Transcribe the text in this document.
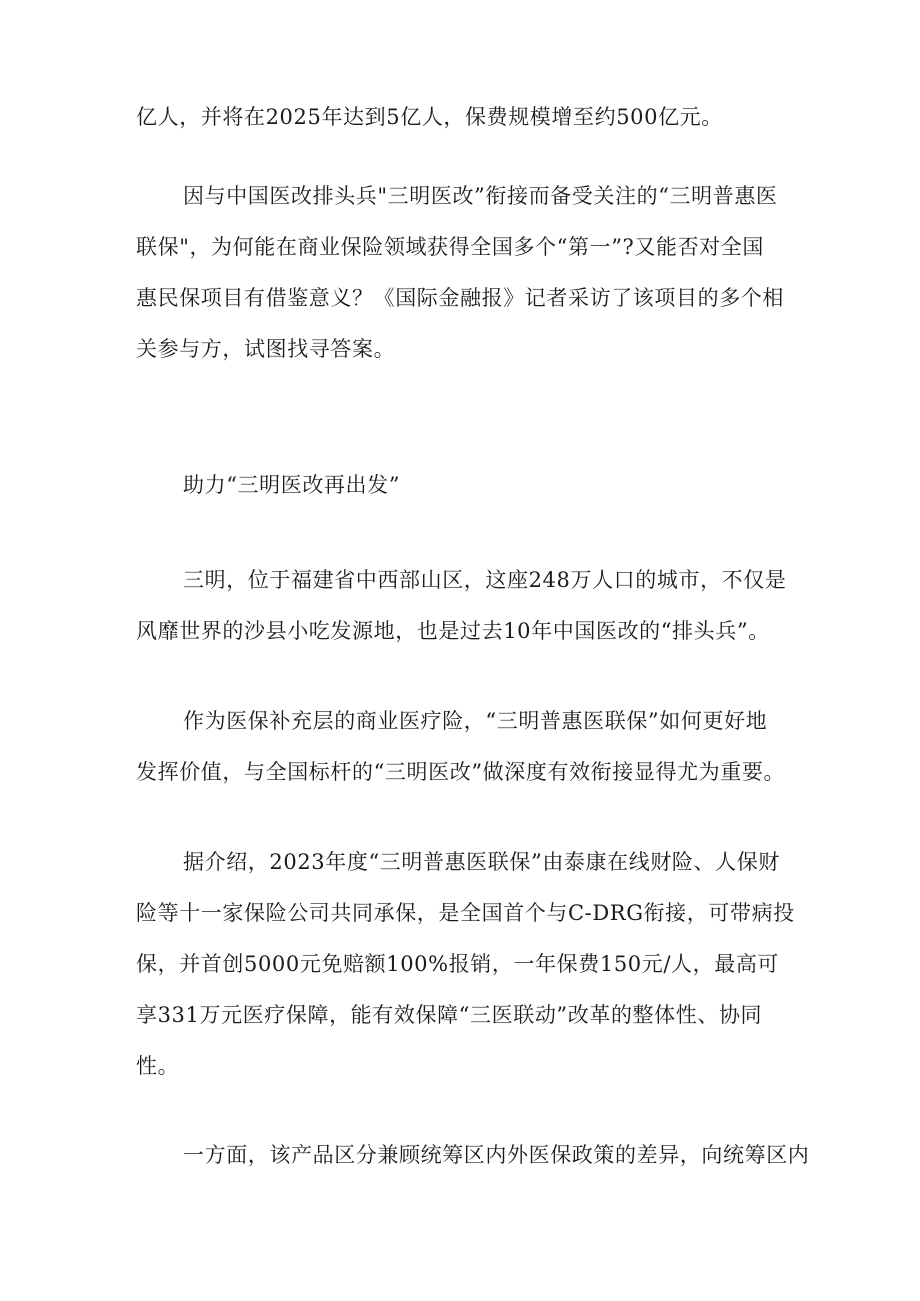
亿人，并将在2025年达到5亿人，保费规模增至约500亿元。
因与中国医改排头兵"三明医改”衔接而备受关注的“三明普惠医
联保"，为何能在商业保险领域获得全国多个“第一”?又能否对全国
惠民保项目有借鉴意义？《国际金融报》记者采访了该项目的多个相
关参与方，试图找寻答案。
助力“三明医改再出发”
三明，位于福建省中西部山区，这座248万人口的城市，不仅是
风靡世界的沙县小吃发源地，也是过去10年中国医改的“排头兵”。
作为医保补充层的商业医疗险，“三明普惠医联保”如何更好地
发挥价值，与全国标杆的“三明医改”做深度有效衔接显得尤为重要。
据介绍，2023年度“三明普惠医联保”由泰康在线财险、人保财
险等十一家保险公司共同承保，是全国首个与C-DRG衔接，可带病投
保，并首创5000元免赔额100%报销，一年保费150元/人，最高可
享331万元医疗保障，能有效保障“三医联动”改革的整体性、协同
性。
一方面，该产品区分兼顾统筹区内外医保政策的差异，向统筹区内
